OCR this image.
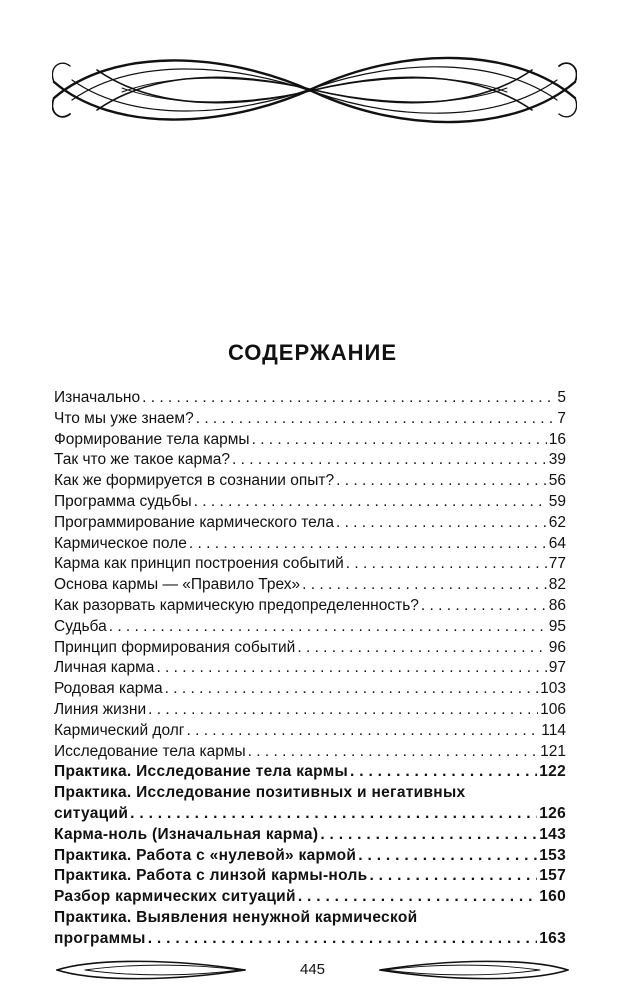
СОДЕРЖАНИЕ
Изначально . . .	5
Что мы уже знаем? . . .	7
Формирование тела кармы . . .	16
Так что же такое карма? . . .	39
Как же формируется в сознании опыт? . . .	56
Программа судьбы . . .	59
Программирование кармического тела . . .	62
Кармическое поле . . .	64
Карма как принцип построения событий . . .	77
Основа кармы — «Правило Трех» . . .	82
Как разорвать кармическую предопределенность? . . .	86
Судьба . . .	95
Принцип формирования событий . . .	96
Личная карма . . .	97
Родовая карма . . .	103
Линия жизни . . .	106
Кармический долг . . .	114
Исследование тела кармы . . .	121
Практика. Исследование тела кармы . . .	122
Практика. Исследование позитивных и негативных
ситуаций . . .	126
Карма-ноль (Изначальная карма) . . .	143
Практика. Работа с «нулевой» кармой . . .	153
Практика. Работа с линзой кармы-ноль . . .	157
Разбор кармических ситуаций . . .	160
Практика. Выявления ненужной кармической
программы . . .	163
445
